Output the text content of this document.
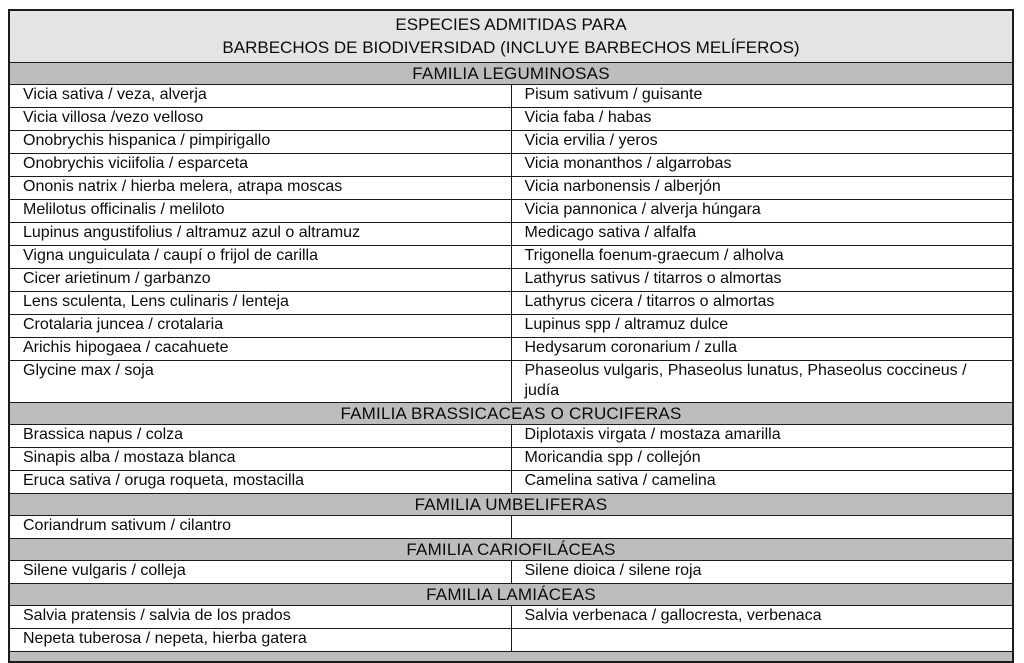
ESPECIES ADMITIDAS PARA
BARBECHOS DE BIODIVERSIDAD (INCLUYE BARBECHOS MELÍFEROS)	

FAMILIA LEGUMINOSAS	
Vicia sativa / veza, alverja	Pisum sativum / guisante
Vicia villosa /vezo velloso	Vicia faba / habas
Onobrychis hispanica / pimpirigallo	Vicia ervilia / yeros
Onobrychis viciifolia / esparceta	Vicia monanthos / algarrobas
Ononis natrix / hierba melera, atrapa moscas	Vicia narbonensis / alberjón
Melilotus officinalis / meliloto	Vicia pannonica / alverja húngara
Lupinus angustifolius / altramuz azul o altramuz	Medicago sativa / alfalfa
Vigna unguiculata / caupí o frijol de carilla	Trigonella foenum-graecum / alholva
Cicer arietinum / garbanzo	Lathyrus sativus / titarros o almortas
Lens sculenta, Lens culinaris / lenteja	Lathyrus cicera / titarros o almortas
Crotalaria juncea / crotalaria	Lupinus spp / altramuz dulce
Arichis hipogaea / cacahuete	Hedysarum coronarium / zulla
Glycine max / soja	Phaseolus vulgaris, Phaseolus lunatus, Phaseolus coccineus / judía
FAMILIA BRASSICACEAS O CRUCIFERAS	
Brassica napus / colza	Diplotaxis virgata / mostaza amarilla
Sinapis alba / mostaza blanca	Moricandia spp / collejón
Eruca sativa / oruga roqueta, mostacilla	Camelina sativa / camelina
FAMILIA UMBELIFERAS	
Coriandrum sativum / cilantro	
FAMILIA CARIOFILÁCEAS	
Silene vulgaris / colleja	Silene dioica / silene roja
FAMILIA LAMIÁCEAS	
Salvia pratensis / salvia de los prados	Salvia verbenaca / gallocresta, verbenaca
Nepeta tuberosa / nepeta, hierba gatera	
